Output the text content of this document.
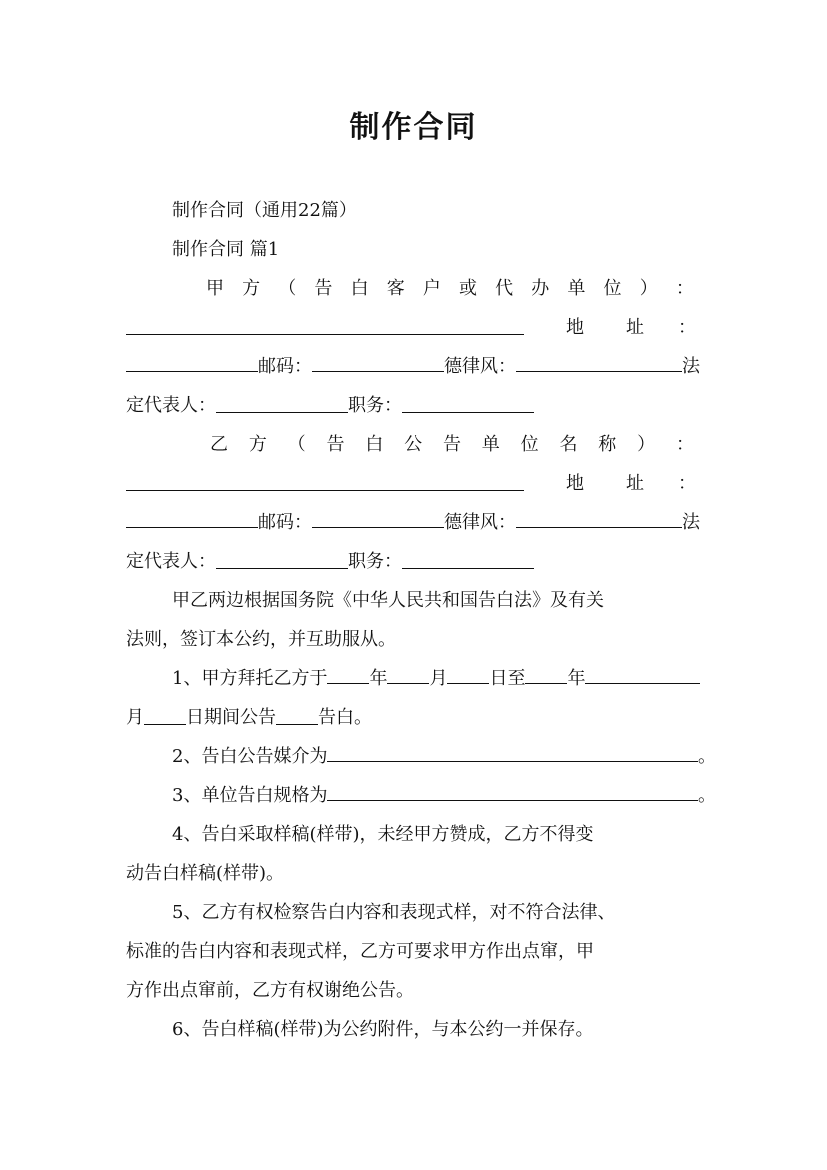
制作合同
制作合同（通用22篇）
制作合同 篇1
甲 方 （ 告 白 客 户 或 代 办 单 位 ） ：
地 址 ：
邮码：	德律风：	法
定代表人：	职务：
乙 方 （ 告 白 公 告 单 位 名 称 ） ：
地 址 ：
邮码：	德律风：	法
定代表人：	职务：
甲乙两边根据国务院《中华人民共和国告白法》及有关
法则，签订本公约，并互助服从。
1、甲方拜托乙方于 年 月 日至 年
月 日期间公告 告白。
2、告白公告媒介为	。
3、单位告白规格为	。
4、告白采取样稿(样带)，未经甲方赞成，乙方不得变
动告白样稿(样带)。
5、乙方有权检察告白内容和表现式样，对不符合法律、
标准的告白内容和表现式样，乙方可要求甲方作出点窜，甲
方作出点窜前，乙方有权谢绝公告。
6、告白样稿(样带)为公约附件，与本公约一并保存。
